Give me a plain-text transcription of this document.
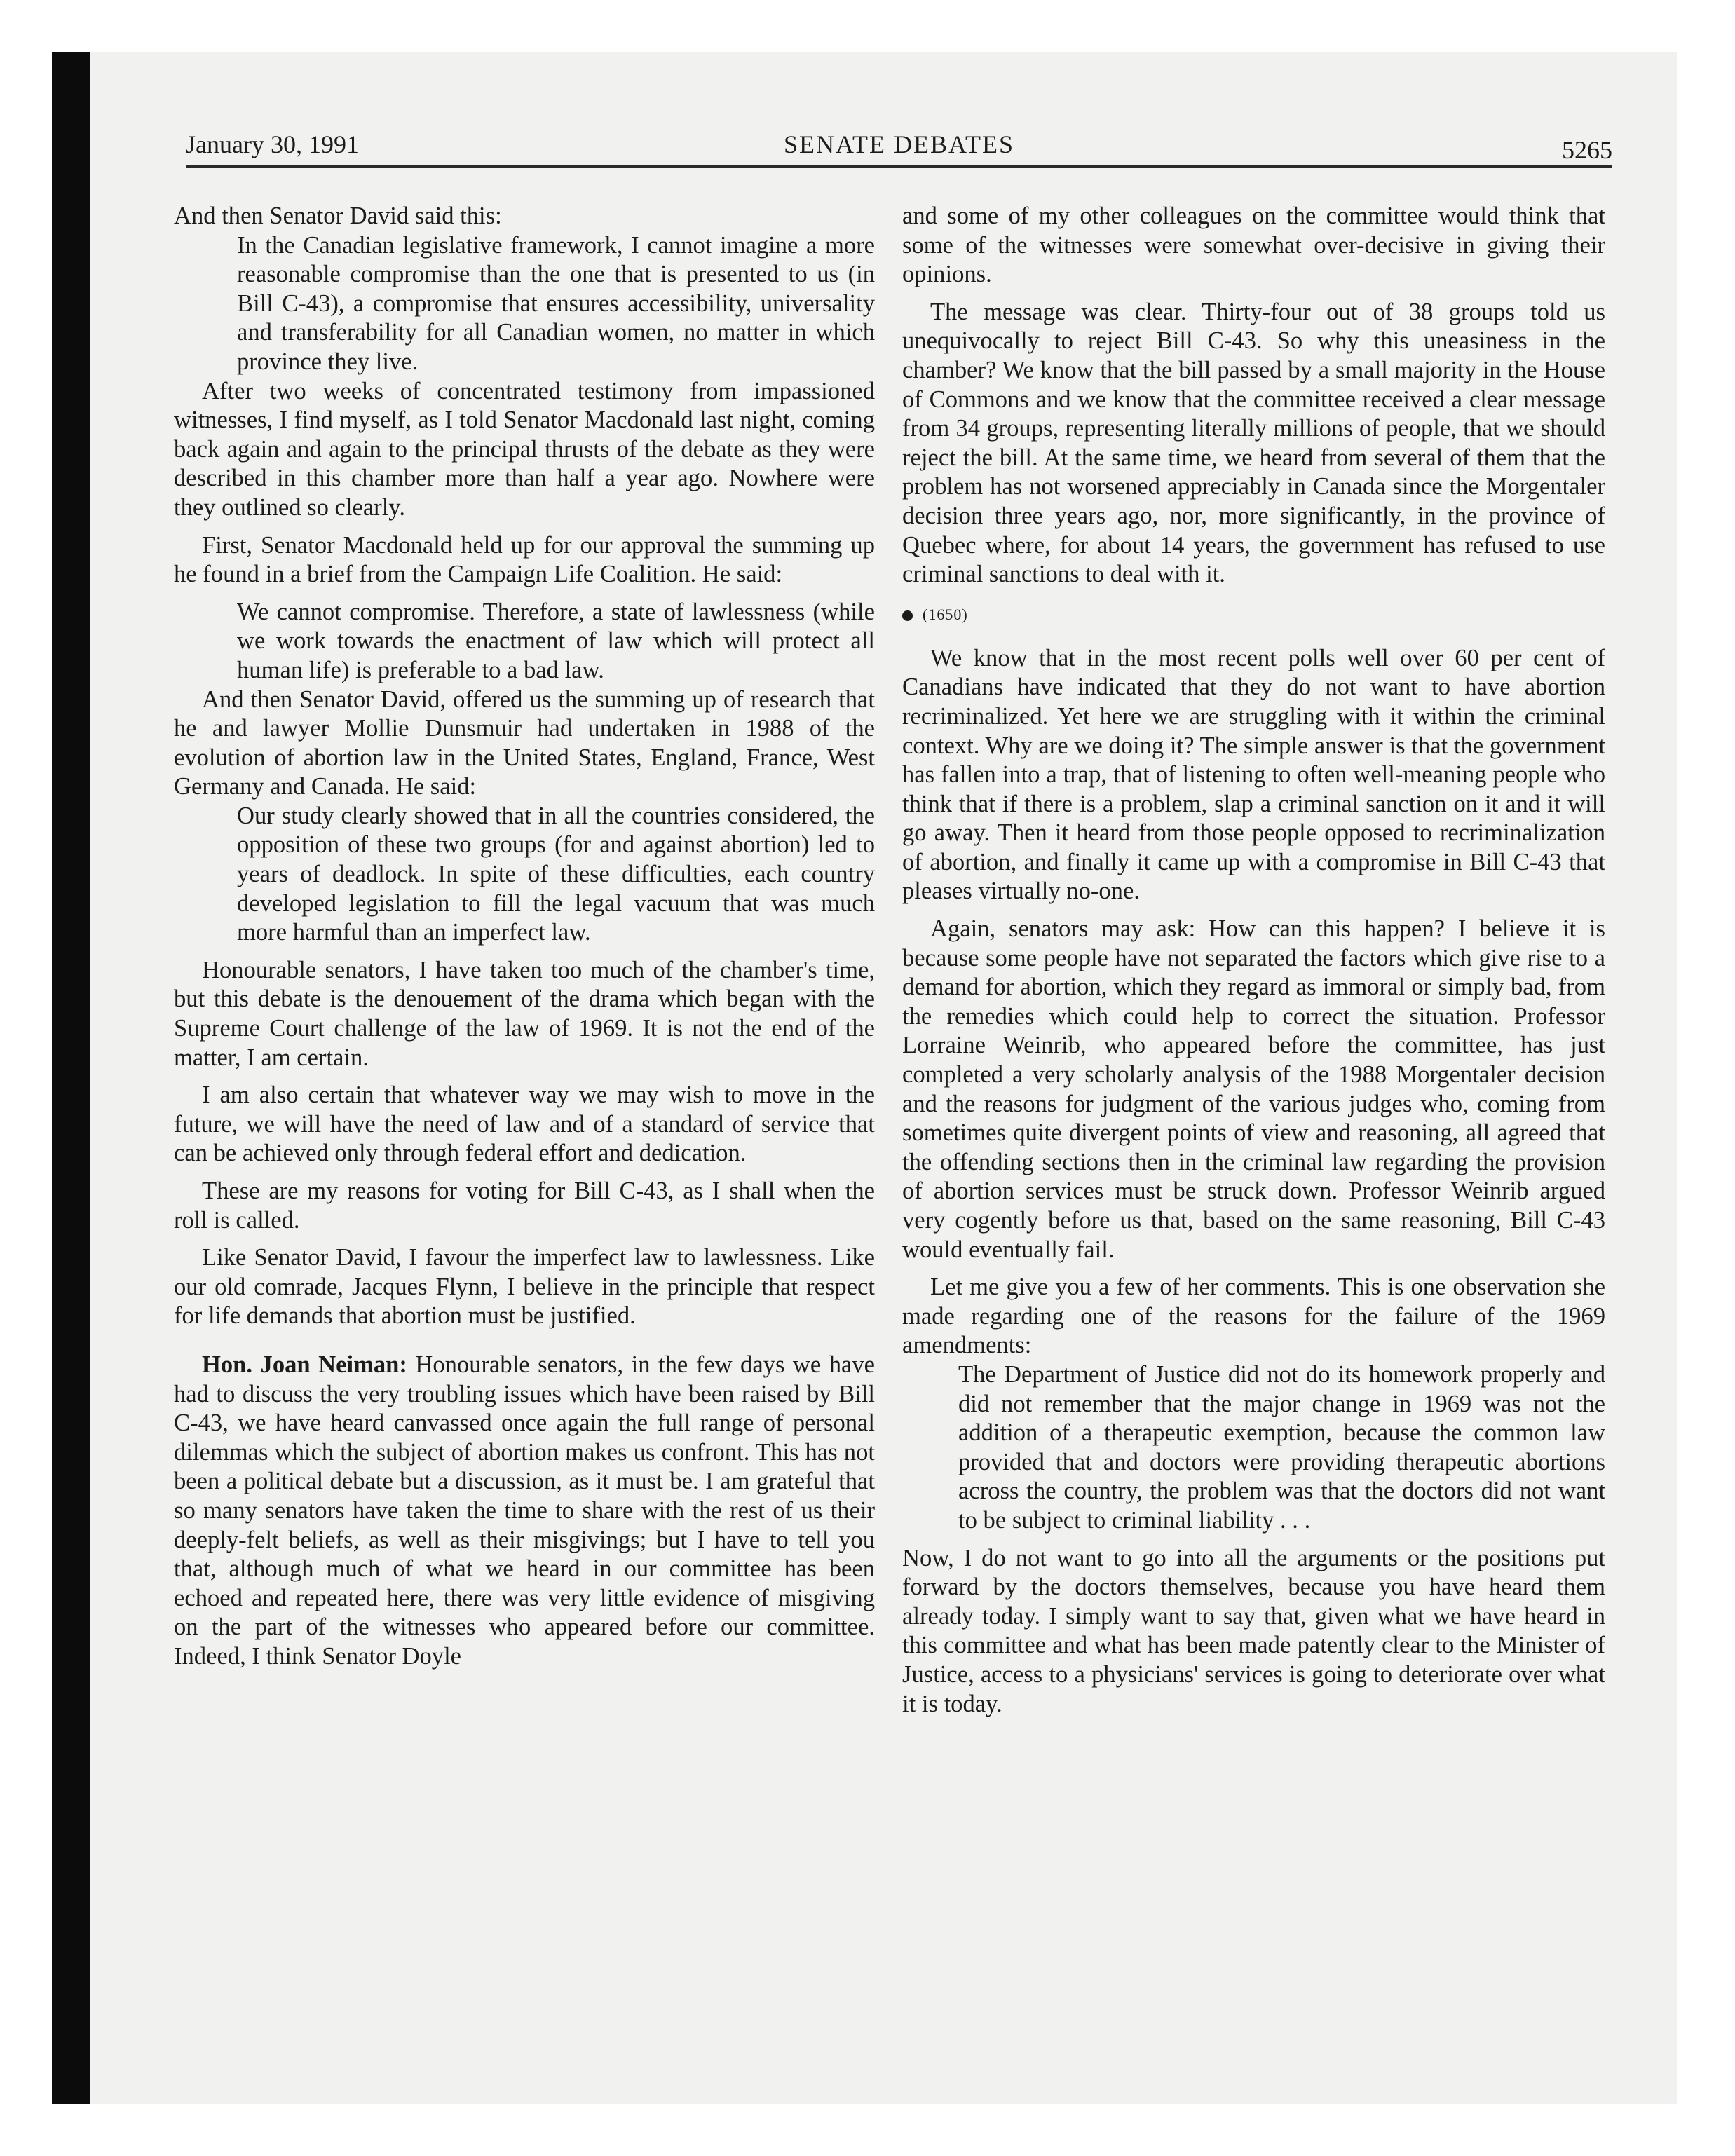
January 30, 1991	SENATE DEBATES	5265

And then Senator David said this:

In the Canadian legislative framework, I cannot imagine a more reasonable compromise than the one that is presented to us (in Bill C-43), a compromise that ensures accessibility, universality and transferability for all Canadian women, no matter in which province they live.

After two weeks of concentrated testimony from impassioned witnesses, I find myself, as I told Senator Macdonald last night, coming back again and again to the principal thrusts of the debate as they were described in this chamber more than half a year ago. Nowhere were they outlined so clearly.

First, Senator Macdonald held up for our approval the summing up he found in a brief from the Campaign Life Coalition. He said:

We cannot compromise. Therefore, a state of lawlessness (while we work towards the enactment of law which will protect all human life) is preferable to a bad law.

And then Senator David, offered us the summing up of research that he and lawyer Mollie Dunsmuir had undertaken in 1988 of the evolution of abortion law in the United States, England, France, West Germany and Canada. He said:

Our study clearly showed that in all the countries considered, the opposition of these two groups (for and against abortion) led to years of deadlock. In spite of these difficulties, each country developed legislation to fill the legal vacuum that was much more harmful than an imperfect law.

Honourable senators, I have taken too much of the chamber's time, but this debate is the denouement of the drama which began with the Supreme Court challenge of the law of 1969. It is not the end of the matter, I am certain.

I am also certain that whatever way we may wish to move in the future, we will have the need of law and of a standard of service that can be achieved only through federal effort and dedication.

These are my reasons for voting for Bill C-43, as I shall when the roll is called.

Like Senator David, I favour the imperfect law to lawlessness. Like our old comrade, Jacques Flynn, I believe in the principle that respect for life demands that abortion must be justified.

Hon. Joan Neiman: Honourable senators, in the few days we have had to discuss the very troubling issues which have been raised by Bill C-43, we have heard canvassed once again the full range of personal dilemmas which the subject of abortion makes us confront. This has not been a political debate but a discussion, as it must be. I am grateful that so many senators have taken the time to share with the rest of us their deeply-felt beliefs, as well as their misgivings; but I have to tell you that, although much of what we heard in our committee has been echoed and repeated here, there was very little evidence of misgiving on the part of the witnesses who appeared before our committee. Indeed, I think Senator Doyle

and some of my other colleagues on the committee would think that some of the witnesses were somewhat over-decisive in giving their opinions.

The message was clear. Thirty-four out of 38 groups told us unequivocally to reject Bill C-43. So why this uneasiness in the chamber? We know that the bill passed by a small majority in the House of Commons and we know that the committee received a clear message from 34 groups, representing literally millions of people, that we should reject the bill. At the same time, we heard from several of them that the problem has not worsened appreciably in Canada since the Morgentaler decision three years ago, nor, more significantly, in the province of Quebec where, for about 14 years, the government has refused to use criminal sanctions to deal with it.

(1650)

We know that in the most recent polls well over 60 per cent of Canadians have indicated that they do not want to have abortion recriminalized. Yet here we are struggling with it within the criminal context. Why are we doing it? The simple answer is that the government has fallen into a trap, that of listening to often well-meaning people who think that if there is a problem, slap a criminal sanction on it and it will go away. Then it heard from those people opposed to recriminalization of abortion, and finally it came up with a compromise in Bill C-43 that pleases virtually no-one.

Again, senators may ask: How can this happen? I believe it is because some people have not separated the factors which give rise to a demand for abortion, which they regard as immoral or simply bad, from the remedies which could help to correct the situation. Professor Lorraine Weinrib, who appeared before the committee, has just completed a very scholarly analysis of the 1988 Morgentaler decision and the reasons for judgment of the various judges who, coming from sometimes quite divergent points of view and reasoning, all agreed that the offending sections then in the criminal law regarding the provision of abortion services must be struck down. Professor Weinrib argued very cogently before us that, based on the same reasoning, Bill C-43 would eventually fail.

Let me give you a few of her comments. This is one observation she made regarding one of the reasons for the failure of the 1969 amendments:

The Department of Justice did not do its homework properly and did not remember that the major change in 1969 was not the addition of a therapeutic exemption, because the common law provided that and doctors were providing therapeutic abortions across the country, the problem was that the doctors did not want to be subject to criminal liability . . .

Now, I do not want to go into all the arguments or the positions put forward by the doctors themselves, because you have heard them already today. I simply want to say that, given what we have heard in this committee and what has been made patently clear to the Minister of Justice, access to a physicians' services is going to deteriorate over what it is today.
